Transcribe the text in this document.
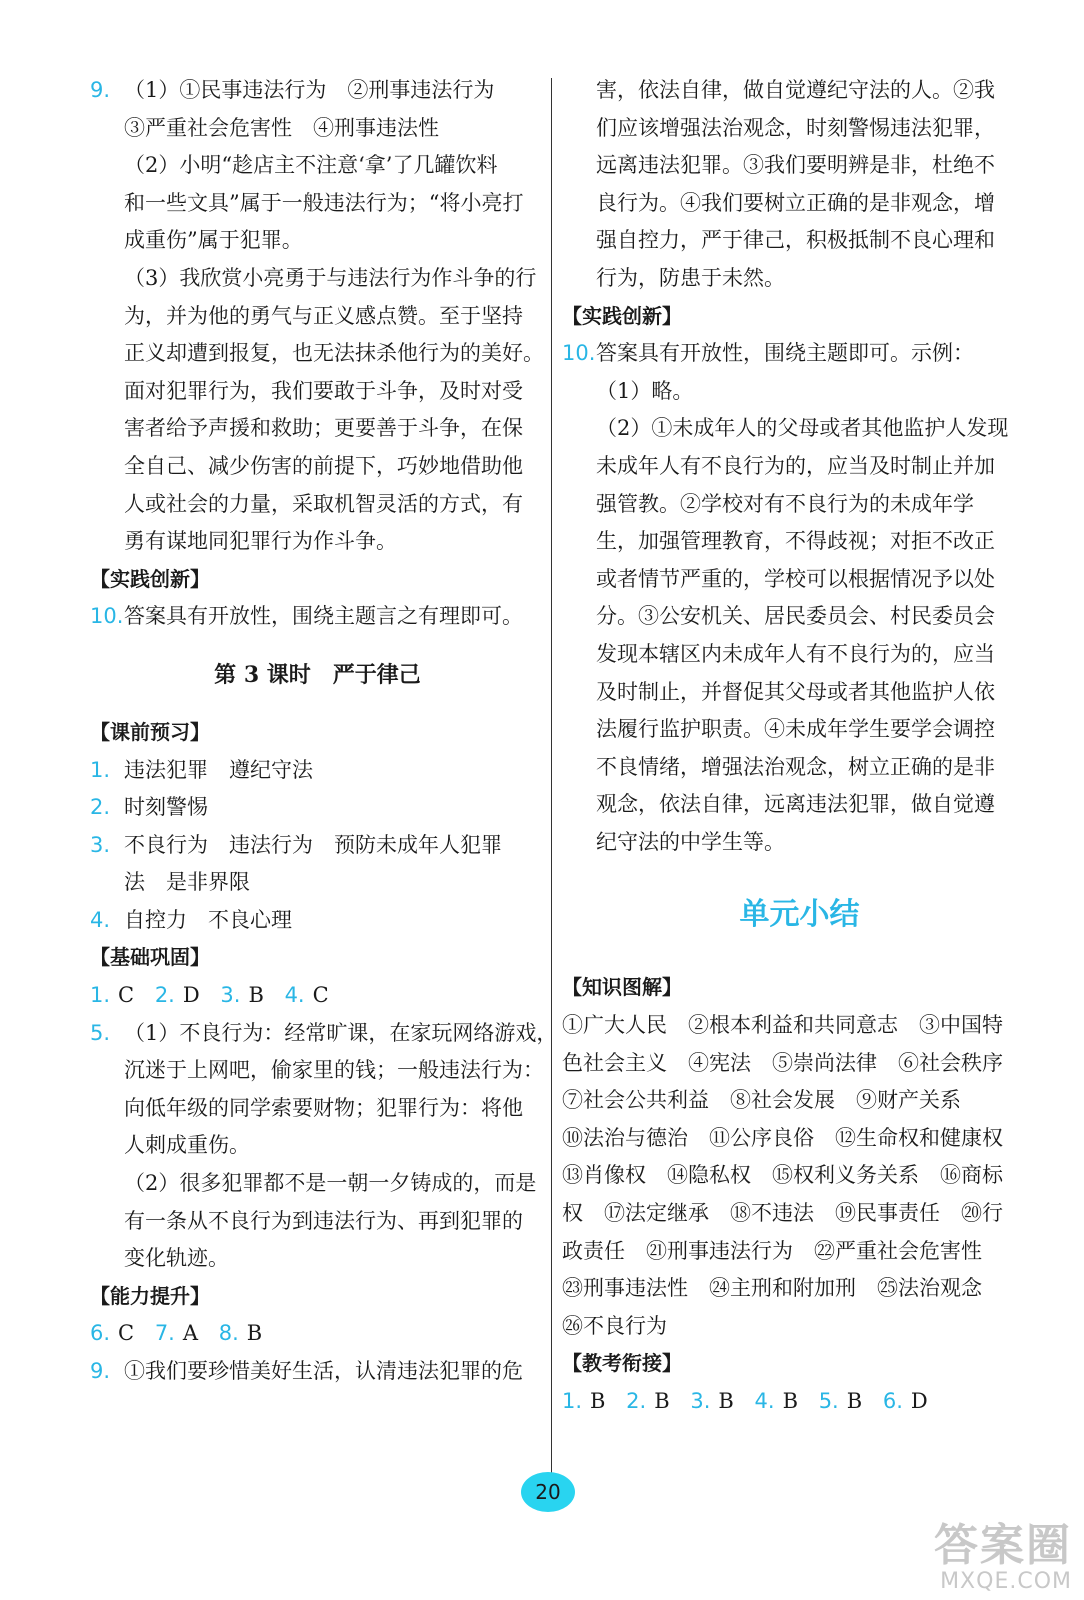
9. （1）①民事违法行为　②刑事违法行为
③严重社会危害性　④刑事违法性
（2）小明“趁店主不注意‘拿’了几罐饮料
和一些文具”属于一般违法行为；“将小亮打
成重伤”属于犯罪。
（3）我欣赏小亮勇于与违法行为作斗争的行
为，并为他的勇气与正义感点赞。至于坚持
正义却遭到报复，也无法抹杀他行为的美好。
面对犯罪行为，我们要敢于斗争，及时对受
害者给予声援和救助；更要善于斗争，在保
全自己、减少伤害的前提下，巧妙地借助他
人或社会的力量，采取机智灵活的方式，有
勇有谋地同犯罪行为作斗争。
【实践创新】
10.答案具有开放性，围绕主题言之有理即可。
第 3 课时　严于律己
【课前预习】
1. 违法犯罪　遵纪守法
2. 时刻警惕
3. 不良行为　违法行为　预防未成年人犯罪
法　是非界限
4. 自控力　不良心理
【基础巩固】
1. C 2. D 3. B 4. C
5. （1）不良行为：经常旷课，在家玩网络游戏，
沉迷于上网吧，偷家里的钱；一般违法行为：
向低年级的同学索要财物；犯罪行为：将他
人刺成重伤。
（2）很多犯罪都不是一朝一夕铸成的，而是
有一条从不良行为到违法行为、再到犯罪的
变化轨迹。
【能力提升】
6. C 7. A 8. B
9. ①我们要珍惜美好生活，认清违法犯罪的危
害，依法自律，做自觉遵纪守法的人。②我
们应该增强法治观念，时刻警惕违法犯罪，
远离违法犯罪。③我们要明辨是非，杜绝不
良行为。④我们要树立正确的是非观念，增
强自控力，严于律己，积极抵制不良心理和
行为，防患于未然。
【实践创新】
10.答案具有开放性，围绕主题即可。示例：
（1）略。
（2）①未成年人的父母或者其他监护人发现
未成年人有不良行为的，应当及时制止并加
强管教。②学校对有不良行为的未成年学
生，加强管理教育，不得歧视；对拒不改正
或者情节严重的，学校可以根据情况予以处
分。③公安机关、居民委员会、村民委员会
发现本辖区内未成年人有不良行为的，应当
及时制止，并督促其父母或者其他监护人依
法履行监护职责。④未成年学生要学会调控
不良情绪，增强法治观念，树立正确的是非
观念，依法自律，远离违法犯罪，做自觉遵
纪守法的中学生等。
单元小结
【知识图解】
①广大人民　②根本利益和共同意志　③中国特
色社会主义　④宪法　⑤崇尚法律　⑥社会秩序
⑦社会公共利益　⑧社会发展　⑨财产关系
⑩法治与德治　⑪公序良俗　⑫生命权和健康权
⑬肖像权　⑭隐私权　⑮权利义务关系　⑯商标
权　⑰法定继承　⑱不违法　⑲民事责任　⑳行
政责任　㉑刑事违法行为　㉒严重社会危害性
㉓刑事违法性　㉔主刑和附加刑　㉕法治观念
㉖不良行为
【教考衔接】
1. B 2. B 3. B 4. B 5. B 6. D
20
答案圈
MXQE.COM
